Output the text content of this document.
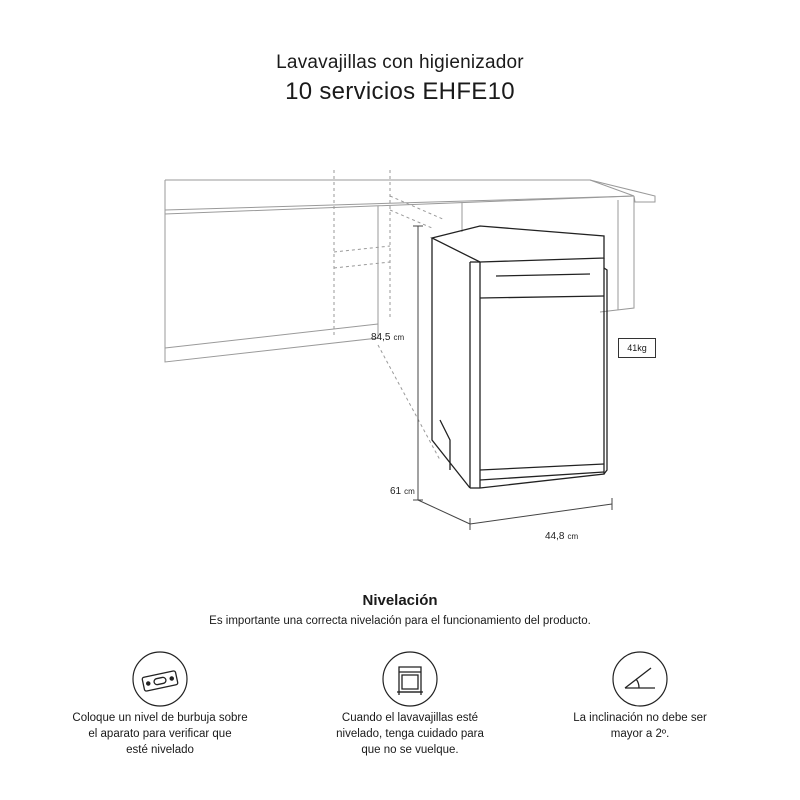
Lavavajillas con higienizador
10 servicios EHFE10
84,5 cm
61 cm
44,8 cm
41kg
Nivelación
Es importante una correcta nivelación para el funcionamiento del producto.
Coloque un nivel de burbuja sobre
el aparato para verificar que
esté nivelado
Cuando el lavavajillas esté
nivelado, tenga cuidado para
que no se vuelque.
La inclinación no debe ser
mayor a 2º.
